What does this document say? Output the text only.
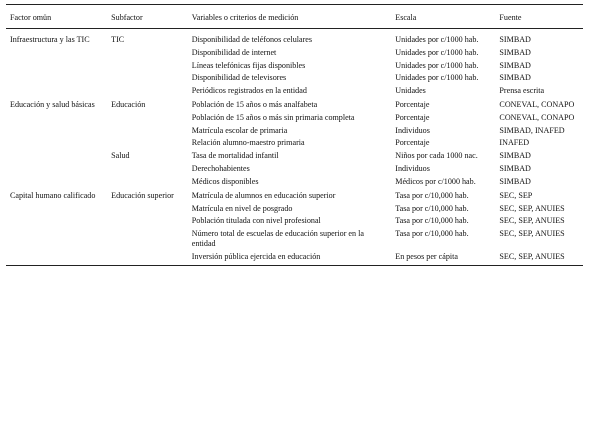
Factor omün	Subfactor	Variables o criterios de medición	Escala	Fuente
Infraestructura y las TIC	TIC	Disponibilidad de teléfonos celulares	Unidades por c/1000 hab.	SIMBAD
		Disponibilidad de internet	Unidades por c/1000 hab.	SIMBAD
		Líneas telefónicas fijas disponibles	Unidades por c/1000 hab.	SIMBAD
		Disponibilidad de televisores	Unidades por c/1000 hab.	SIMBAD
		Periódicos registrados en la entidad	Unidades	Prensa escrita
Educación y salud básicas	Educación	Población de 15 años o más analfabeta	Porcentaje	CONEVAL, CONAPO
		Población de 15 años o más sin primaria completa	Porcentaje	CONEVAL, CONAPO
		Matrícula escolar de primaria	Individuos	SIMBAD, INAFED
		Relación alumno-maestro primaria	Porcentaje	INAFED
	Salud	Tasa de mortalidad infantil	Niños por cada 1000 nac.	SIMBAD
		Derechohabientes	Individuos	SIMBAD
		Médicos disponibles	Médicos por c/1000 hab.	SIMBAD
Capital humano calificado	Educación superior	Matrícula de alumnos en educación superior	Tasa por c/10,000 hab.	SEC, SEP
		Matrícula en nivel de posgrado	Tasa por c/10,000 hab.	SEC, SEP, ANUIES
		Población titulada con nivel profesional	Tasa por c/10,000 hab.	SEC, SEP, ANUIES
		Número total de escuelas de educación superior en la entidad	Tasa por c/10,000 hab.	SEC, SEP, ANUIES
		Inversión pública ejercida en educación	En pesos per cápita	SEC, SEP, ANUIES
